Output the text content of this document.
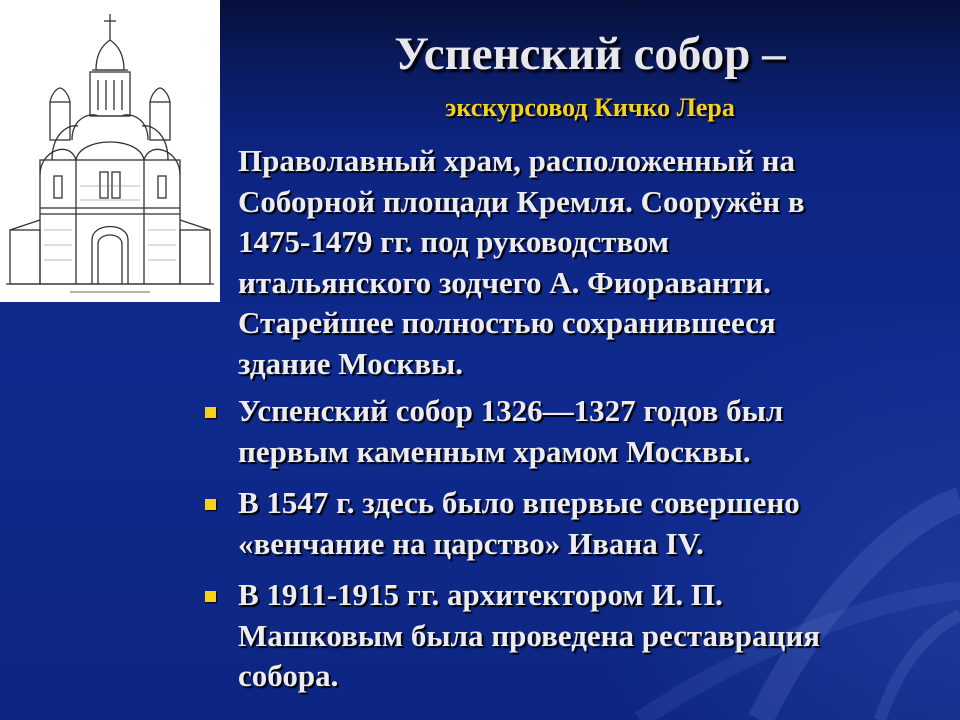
Успенский собор –
экскурсовод Кичко Лера

Праволавный храм, расположенный на
Соборной площади Кремля. Сооружён в
1475-1479 гг. под руководством
итальянского зодчего А. Фиораванти.
Старейшее полностью сохранившееся
здание Москвы.

Успенский собор 1326—1327 годов был
первым каменным храмом Москвы.
В 1547 г. здесь было впервые совершено
«венчание на царство» Ивана IV.
В 1911-1915 гг. архитектором И. П.
Машковым была проведена реставрация
собора.
